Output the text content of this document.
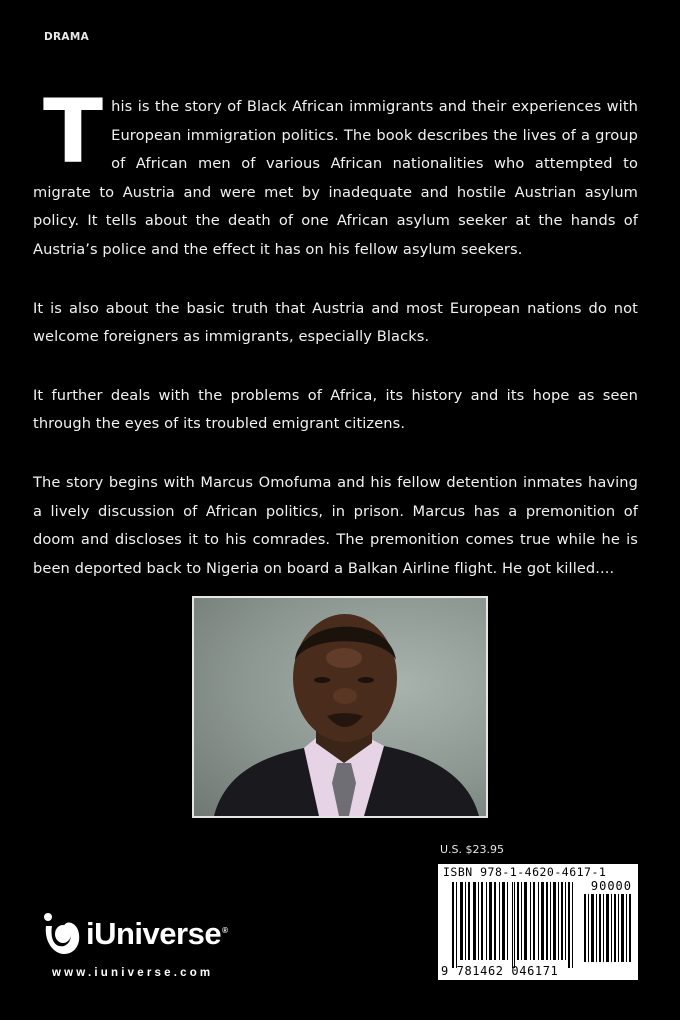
DRAMA

This is the story of Black African immigrants and their experiences with European immigration politics. The book describes the lives of a group of African men of various African nationalities who attempted to migrate to Austria and were met by inadequate and hostile Austrian asylum policy. It tells about the death of one African asylum seeker at the hands of Austria’s police and the effect it has on his fellow asylum seekers.

It is also about the basic truth that Austria and most European nations do not welcome foreigners as immigrants, especially Blacks.

It further deals with the problems of Africa, its history and its hope as seen through the eyes of its troubled emigrant citizens.

The story begins with Marcus Omofuma and his fellow detention inmates having a lively discussion of African politics, in prison. Marcus has a premonition of doom and discloses it to his comrades. The premonition comes true while he is been deported back to Nigeria on board a Balkan Airline flight. He got killed....

U.S. $23.95
ISBN 978-1-4620-4617-1
90000
9 781462 046171
iUniverse®
www.iuniverse.com
